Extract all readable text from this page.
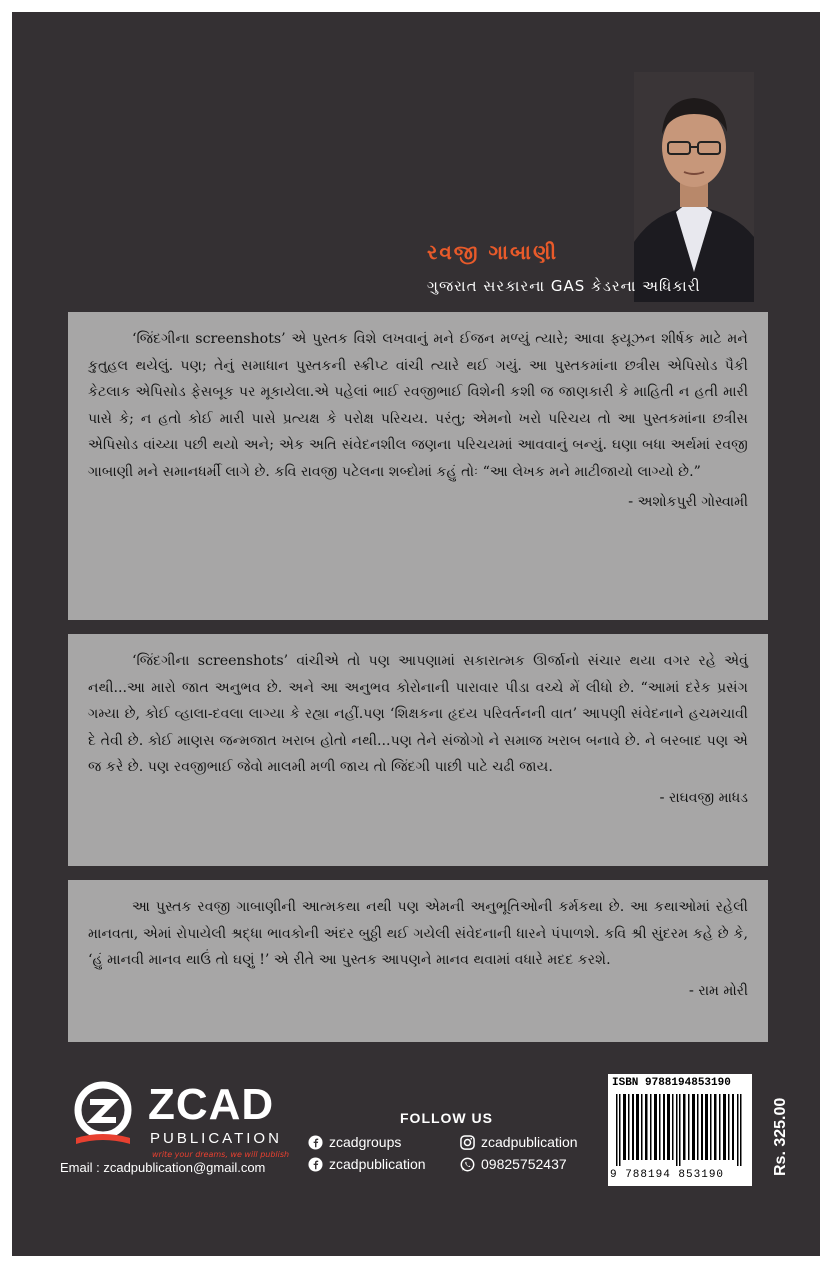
રવજી ગાબાણી
ગુજરાત સરકારના GAS કેડરના અધિકારી

‘જિંદગીના screenshots’ એ પુસ્તક વિશે લખવાનું મને ઈજન મળ્યું ત્યારે; આવા ફ્યૂઝન શીર્ષક માટે મને કુતુહલ થયેલું. પણ; તેનું સમાધાન પુસ્તકની સ્ક્રીપ્ટ વાંચી ત્યારે થઈ ગયું. આ પુસ્તકમાંના છત્રીસ એપિસોડ પૈકી કેટલાક એપિસોડ ફેસબૂક પર મૂકાયેલા.એ પહેલાં ભાઈ રવજીભાઈ વિશેની કશી જ જાણકારી કે માહિતી ન હતી મારી પાસે કે; ન હતો કોઈ મારી પાસે પ્રત્યક્ષ કે પરોક્ષ પરિચય. પરંતુ; એમનો ખરો પરિચય તો આ પુસ્તકમાંના છત્રીસ એપિસોડ વાંચ્યા પછી થયો અને; એક અતિ સંવેદનશીલ જણના પરિચયમાં આવવાનું બન્યું. ઘણા બધા અર્થમાં રવજી ગાબાણી મને સમાનધર્મી લાગે છે. કવિ રાવજી પટેલના શબ્દોમાં કહું તોઃ “આ લેખક મને માટીજાયો લાગ્યો છે.”

- અશોકપુરી ગોસ્વામી

‘જિંદગીના screenshots’ વાંચીએ તો પણ આપણામાં સકારાત્મક ઊર્જાનો સંચાર થયા વગર રહે એવું નથી...આ મારો જાત અનુભવ છે. અને આ અનુભવ કોરોનાની પારાવાર પીડા વચ્ચે મેં લીધો છે. “આમાં દરેક પ્રસંગ ગમ્યા છે, કોઈ વ્હાલા-દવલા લાગ્યા કે રહ્યા નહીં.પણ ‘શિક્ષકના હૃદય પરિવર્તનની વાત’ આપણી સંવેદનાને હચમચાવી દે તેવી છે. કોઈ માણસ જન્મજાત ખરાબ હોતો નથી...પણ તેને સંજોગો ને સમાજ ખરાબ બનાવે છે. ને બરબાદ પણ એ જ કરે છે. પણ રવજીભાઈ જેવો માલમી મળી જાય તો જિંદગી પાછી પાટે ચઢી જાય.

- રાઘવજી માધડ

આ પુસ્તક રવજી ગાબાણીની આત્મકથા નથી પણ એમની અનુભૂતિઓની કર્મકથા છે. આ કથાઓમાં રહેલી માનવતા, એમાં રોપાયેલી શ્રદ્ધા ભાવકોની અંદર બુઠ્ઠી થઈ ગયેલી સંવેદનાની ધારને પંપાળશે. કવિ શ્રી સુંદરમ કહે છે કે, ‘હું માનવી માનવ થાઉં તો ઘણું !’ એ રીતે આ પુસ્તક આપણને માનવ થવામાં વધારે મદદ કરશે.

- રામ મોરી
ZCAD
PUBLICATION
write your dreams, we will publish
Email : zcadpublication@gmail.com
FOLLOW US
zcadgroups	zcadpublication
zcadpublication	09825752437
ISBN 9788194853190
9 788194 853190	Rs. 325.00
